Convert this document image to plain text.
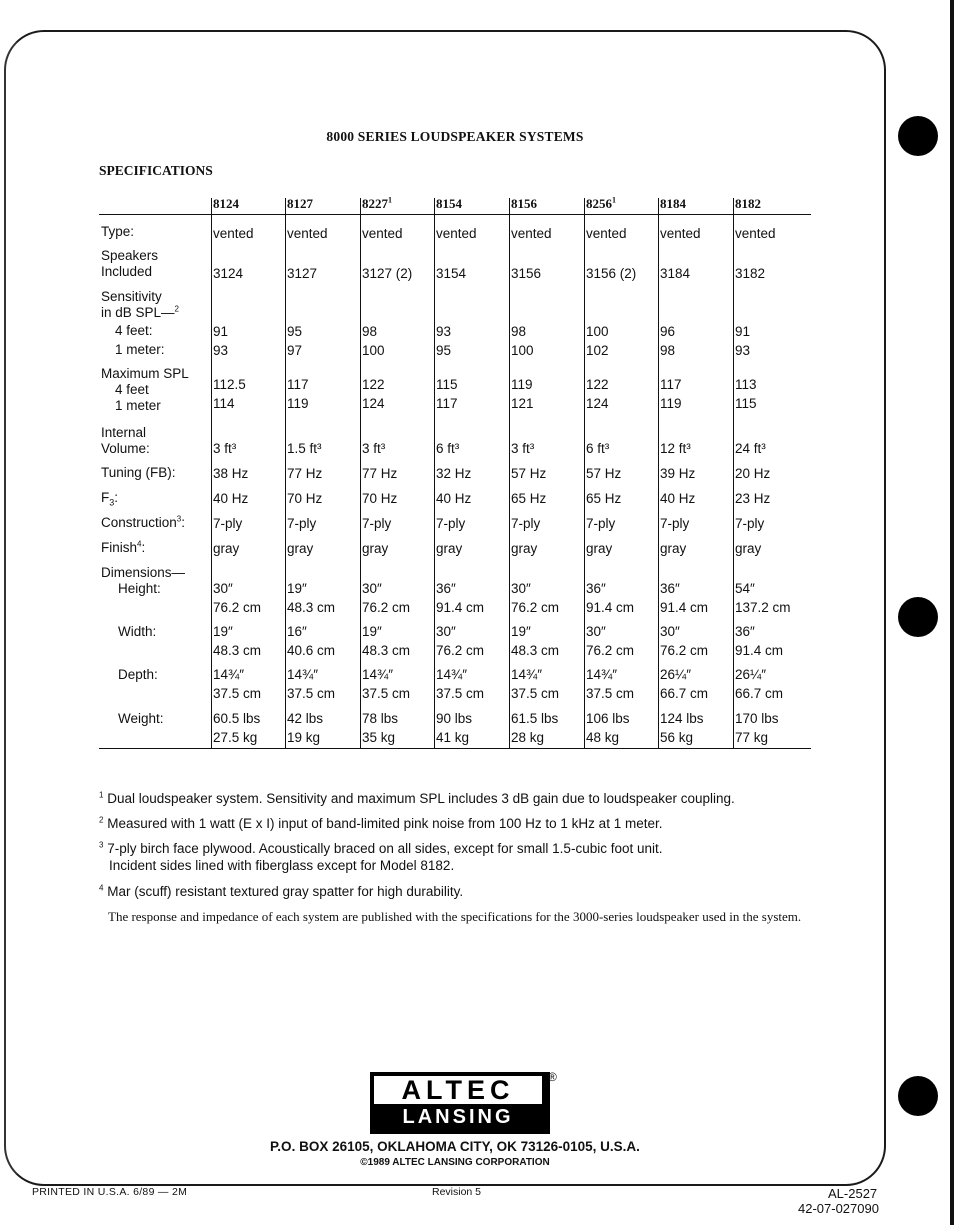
8000 SERIES LOUDSPEAKER SYSTEMS
SPECIFICATIONS
Type:
Speakers
Included
Sensitivity
in dB SPL—$^2$
4 feet:
1 meter:
Maximum SPL
4 feet
1 meter
Internal
Volume:
Tuning (FB):
$F_3$:
Construction$^3$:
Finish$^4$:
Dimensions—
Height:
Width:
Depth:
Weight:
8124
vented
3124
91
93
112.5
114
3 ft³
38 Hz
40 Hz
7-ply
gray
30″
76.2 cm
19″
48.3 cm
14¾″
37.5 cm
60.5 lbs
27.5 kg
8127
vented
3127
95
97
117
119
1.5 ft³
77 Hz
70 Hz
7-ply
gray
19″
48.3 cm
16″
40.6 cm
14¾″
37.5 cm
42 lbs
19 kg
8227$^1$
vented
3127 (2)
98
100
122
124
3 ft³
77 Hz
70 Hz
7-ply
gray
30″
76.2 cm
19″
48.3 cm
14¾″
37.5 cm
78 lbs
35 kg
8154
vented
3154
93
95
115
117
6 ft³
32 Hz
40 Hz
7-ply
gray
36″
91.4 cm
30″
76.2 cm
14¾″
37.5 cm
90 lbs
41 kg
8156
vented
3156
98
100
119
121
3 ft³
57 Hz
65 Hz
7-ply
gray
30″
76.2 cm
19″
48.3 cm
14¾″
37.5 cm
61.5 lbs
28 kg
8256$^1$
vented
3156 (2)
100
102
122
124
6 ft³
57 Hz
65 Hz
7-ply
gray
36″
91.4 cm
30″
76.2 cm
14¾″
37.5 cm
106 lbs
48 kg
8184
vented
3184
96
98
117
119
12 ft³
39 Hz
40 Hz
7-ply
gray
36″
91.4 cm
30″
76.2 cm
26¼″
66.7 cm
124 lbs
56 kg
8182
vented
3182
91
93
113
115
24 ft³
20 Hz
23 Hz
7-ply
gray
54″
137.2 cm
36″
91.4 cm
26¼″
66.7 cm
170 lbs
77 kg
$^1$ Dual loudspeaker system. Sensitivity and maximum SPL includes 3 dB gain due to loudspeaker coupling.
$^2$ Measured with 1 watt (E x I) input of band-limited pink noise from 100 Hz to 1 kHz at 1 meter.
$^3$ 7-ply birch face plywood. Acoustically braced on all sides, except for small 1.5-cubic foot unit.
Incident sides lined with fiberglass except for Model 8182.
$^4$ Mar (scuff) resistant textured gray spatter for high durability.
The response and impedance of each system are published with the specifications for the 3000-series loudspeaker used in the system.
ALTEC
LANSING
®
P.O. BOX 26105, OKLAHOMA CITY, OK 73126-0105, U.S.A.
©1989 ALTEC LANSING CORPORATION
PRINTED IN U.S.A. 6/89 — 2M	Revision 5	AL-2527
42-07-027090
